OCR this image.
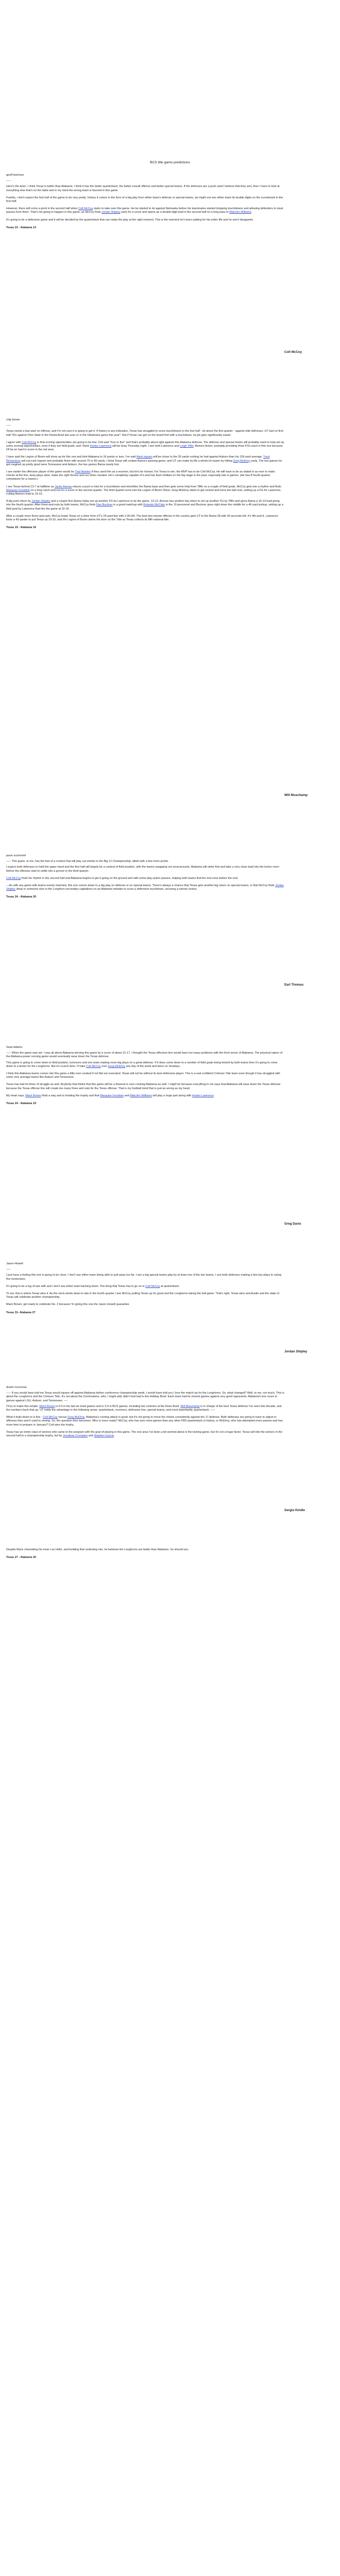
BCS title game predictions
geoff ketchum
-----

Here's the deal-- I think Texas is better than Alabama. I think it has the better quarterback, the better overall offense and better special teams. If the defenses are a push (and I believe that they are), then I have to look at everything else that's on the table and in my mind the wrong team is favored in this game.

Frankly, I don't expect the first half of the game to be very pretty. Unless it comes in the form of a big play from either team's defense or special teams, we might not see either team hit double digits on the scoreboard in the first half.

However, there will come a point in the second half when Colt McCoy starts to take over this game. He be started to do against Nebraska before his teammates started dropping touchdowns and allowing defenders to steal passes from them. That's not going to happen in this game, as McCoy finds Jordan Shipley early for a score and opens up a double-digit lead in the second half on a long pass to Malcolm Williams.

It's going to be a defensive game and it will be decided by the quarterback that can make the play at the right moment. This is the moment he's been waiting for his entire life and he won't disappoint.

Texas 23 - Alabama 13
Colt McCoy
chip brown
-----

Texas needs a fast start on offense, and I'm not sure it is going to get it. If history is any indication, Texas has struggled to score touchdowns in the first half - let alone the first quarter - against elite defenses. UT had no first-half TDs against Ohio State in the Fiesta Bowl last year or in the Oklahoma game this year*. But if Texas can get on the board first with a touchdown, its job gets significantly easier.

I agree with Colt McCoy in that scoring opportunities are going to be few. Colt said "four or five" and that's probably about right against this Alabama defense. The defense and special teams will probably need to help set up some scoring opportunities, even if they are field goals, and I think Hunter Lawrence will be busy Thursday night. I see both Lawrence and Leigh Tiffin, Bama's kicker, probably providing three FGs each in this one because it'll be so hard to score in the red area.

I have said the Legion of Boom will show up for this one and limit Alabama to 16 points or less. I've said Mark Ingram will be closer to the 30 yards rushing he had against Auburn than his 118-yard average. Trent Richardson will out-rush Ingram and probably finish with around 75 or 80 yards. I think Texas will contain Bama's passing game, and UT can make its life a whole lot easier by hitting Greg McElroy early. The two games he got roughed up pretty good were Tennessee and Auburn, the two games Bama nearly lost.

I see earlier the offensive player of the game would be Trial Newton if they used him as a receiver, but let's be honest. For Texas to win, the MVP has to be Colt McCoy. He will have to be as elated in as ever to make checks at the line, keep plays alive, make the right throws and run when needed. He's completely capable of it and has been brilliant on the big stage in the past, especially late in games. (He has 8 fourth-quarter comebacks for a reason.)

I see Texas behind 13-7 at halftime as Javier Arenas returns a punt or kick for a touchdown and electrifies the Bama base and then gets some help from Tiffin on a couple of field goals. McCoy gets into a rhythm and finds Marquise Goodwin on a long catch-and-run for a score in the second quarter. The third quarter turns into the Legion of Boom Show. Greg McElroy starts to get rocked and turns the ball over, setting up a FG for Lawrence, cutting Bama's lead to 13-10.

A big punt return by Jordan Shipley and a couple first downs helps set up another FG by Lawrence to tie the game, 13-13. Arenas has another big return to set up another FG by Tiffin and gives Bama a 16-13 lead going into the fourth quarter. After three-and-outs by both teams, McCoy finds Dan Buckner in a good matchup with Rolando McClain in the 10 personnel and Buckner goes right down the middle for a 40-yard pickup, setting up a field goal by Lawrence that ties the game at 16-16.

After a couple more three-and-outs, McCoy leads Texas on a drive from UT's 24-yard line with 2:30 left. The best two-minute offense in the country gets UT to the Bama 28 with 30 seconds left. It's 4th-and-4. Lawrence kicks a 43-yarder to put Texas up 19-16, and the Legion of Boom slams the door on the Tide as Texas collects its fifth national title.

Texas 19 - Alabama 16
Will Muschamp
jason suchomel
----- This game, to me, has the feel of a contest that will play out similar to the Big 12 Championship, albeit with a few more points.

I expect both defenses to hold the upper hand and the first half will largely be a contest of field position, with the teams swapping out several punts. Alabama will strike first and take a very close lead into the locker room before the offenses start to settle into a groove in the third quarter.

Colt McCoy finds his rhythm in the second half and Alabama begins to get it going on the ground and with some play-action passes, helping both teams find the end zone before the end.

---As with any game with teams evenly matched, this one comes down to a big play on defense or on special teams. There's always a chance that Texas gets another big return on special teams, or that McCoy finds Jordan Shipley deep or someone else in the Longhorn secondary capitalizes on an Alabama mistake to score a defensive touchdown, securing a narrow victory.

Texas 24 - Alabama 20
Earl Thomas
Sean Adams
----- When the game was set, I was all about Alabama winning this game by a score of about 21-17. I thought the Texas offensive line would have too many problems with the front seven of Alabama. The physical nature of the Alabama power running game would eventually wear down the Texas defense.

This game is going to come down to field position, turnovers and one team making more big plays on a great defense. If it does come down to a number of field goals being kicked by both teams then it's going to come down to a kicker for the Longhorns. But it's crunch time, I'll take Colt McCoy over Greg McElroy any day of the week and twice on Sundays.

I think this Alabama teams comes into this game a little over-cooked if not flat out overrated. Texas will not be without its best defensive player. This is a real confident Crimson Tide team even though it has struggled with some very average teams like Auburn and Tennessee.

Texas has had its times of struggle as well. Anybody that thinks that this game will be a blowout is over-cooking Alabama as well. I might be because everything in me says that Alabama will wear down the Texas defense because the Texas offense line will create too many three and outs for the Texas offense. That is my football mind that is just as wrong as my heart.

My heart says, Mack Brown finds a way and is hoisting the trophy and that Marquise Goodwin and Malcolm Williams will play a huge part along with Hunter Lawrence.

Texas 24 - Alabama 19
Greg Davis
Jason Howell
-----

I just have a feeling this one is going to be close. I don't see either team being able to pull away too far. I see a big special teams play by at least one of the two teams. I see both defenses making a few key plays to swing the momentum.

It's going to be a tug of war with and I don't see either team backing down. The thing that Texas has to go on is Colt McCoy at quarterback.

To me, this is where Texas wins it. As the clock winds down to late in the fourth quarter I see McCoy putting Texas up for good and the Longhorns taking the ball game. That's right. Texas wins and Austin and the state of Texas will celebrate another championship.

Mack Brown, get ready to celebrate No. 2 because I'm giving this one the Jason Howell guarantee.

Texas 31- Alabama 27
Jordan Shipley
dustin mccomas
----- If you would have told me Texas would square off against Alabama before conference championship week, I would have told you I love the match-up for the Longhorns. So, what changed? Well, to me, not much. This is about the Longhorns and the Crimson Tide. It's not about the Cornhuskers, who, I might add, didn't look bad in the Holiday Bowl. Each team had its closest games against very good opponents. Alabama's box score in games against LSU, Auburn, and Tennessee. ----

I'll try to make this simple. Mack Brown is 6-0 in his last six bowl games and is 3-0 in BCS games, including two victories at the Rose Bowl. Will Muschamp is in charge of the best Texas defense I've seen this decade, and the numbers back that up. UT holds the advantage in the following areas: quarterback, receivers, defensive line, special teams, and most importantly, quarterback. -----

What it boils down to is this - Colt McCoy versus Greg McElroy. Alabama's running attack is good, but it's not going to move the chains consistently against the 17 defense. Both defenses are going to have to adjust to offenses they aren't used to seeing. So, the question then becomes: Who is more ready? McCoy, who has won more games than any other FBS quarterback in history, or McElroy, who has attempted more passes and has more time to prepare in January? Colt wins the trophy.

Texas has an entire class of seniors who came to the program with the goal of playing in this game. The one area I've been a bit worried about is the kicking game, but it's not a huge factor. Texas will ride the seniors in the second half to a championship trophy, led by Jonathan Crompton and Stephen Garcia.

Sergio Kindle

Despite Mack channeling his inner Lou Holtz, and building that underdog role, he believes the Longhorns are better than Alabama. So should you.

Texas 27 - Alabama 20
